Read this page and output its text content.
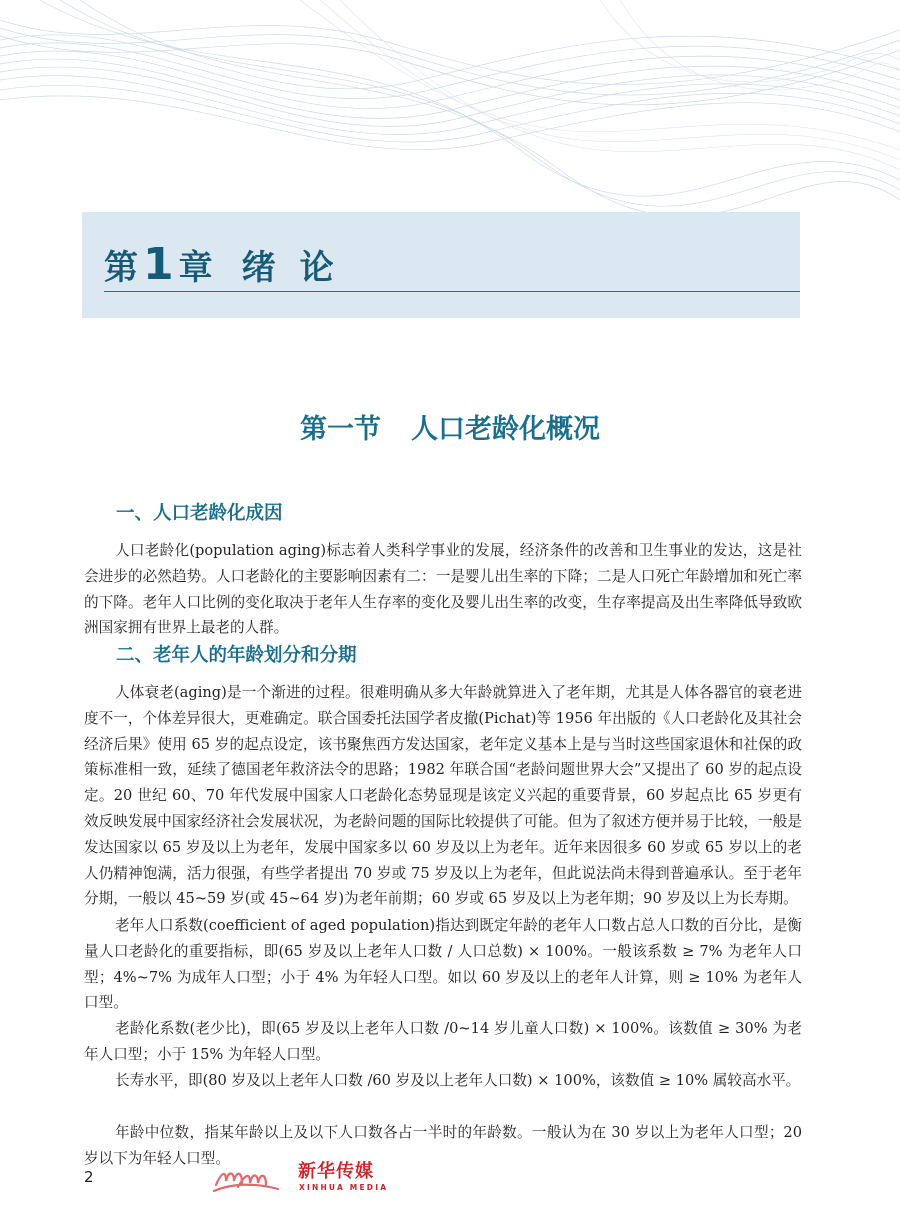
第1 章 绪论
第一节 人口老龄化概况
一、人口老龄化成因

人口老龄化(population aging)标志着人类科学事业的发展，经济条件的改善和卫生事业的发达，这是社会进步的必然趋势。人口老龄化的主要影响因素有二：一是婴儿出生率的下降；二是人口死亡年龄增加和死亡率的下降。老年人口比例的变化取决于老年人生存率的变化及婴儿出生率的改变，生存率提高及出生率降低导致欧洲国家拥有世界上最老的人群。

二、老年人的年龄划分和分期

人体衰老(aging)是一个渐进的过程。很难明确从多大年龄就算进入了老年期，尤其是人体各器官的衰老进度不一，个体差异很大，更难确定。联合国委托法国学者皮撤(Pichat)等 1956 年出版的《人口老龄化及其社会经济后果》使用 65 岁的起点设定，该书聚焦西方发达国家，老年定义基本上是与当时这些国家退休和社保的政策标准相一致，延续了德国老年救济法令的思路；1982 年联合国“老龄问题世界大会”又提出了 60 岁的起点设定。20 世纪 60、70 年代发展中国家人口老龄化态势显现是该定义兴起的重要背景，60 岁起点比 65 岁更有效反映发展中国家经济社会发展状况，为老龄问题的国际比较提供了可能。但为了叙述方便并易于比较，一般是发达国家以 65 岁及以上为老年，发展中国家多以 60 岁及以上为老年。近年来因很多 60 岁或 65 岁以上的老人仍精神饱满，活力很强，有些学者提出 70 岁或 75 岁及以上为老年，但此说法尚未得到普遍承认。至于老年分期，一般以 45~59 岁(或 45~64 岁)为老年前期；60 岁或 65 岁及以上为老年期；90 岁及以上为长寿期。

老年人口系数(coefficient of aged population)指达到既定年龄的老年人口数占总人口数的百分比，是衡量人口老龄化的重要指标，即(65 岁及以上老年人口数 / 人口总数) × 100%。一般该系数 ≥ 7% 为老年人口型；4%~7% 为成年人口型；小于 4% 为年轻人口型。如以 60 岁及以上的老年人计算，则 ≥ 10% 为老年人口型。

老龄化系数(老少比)，即(65 岁及以上老年人口数 /0~14 岁儿童人口数) × 100%。该数值 ≥ 30% 为老年人口型；小于 15% 为年轻人口型。

长寿水平，即(80 岁及以上老年人口数 /60 岁及以上老年人口数) × 100%，该数值 ≥ 10% 属较高水平。

年龄中位数，指某年龄以上及以下人口数各占一半时的年龄数。一般认为在 30 岁以上为老年人口型；20 岁以下为年轻人口型。

2	新华传媒
XINHUA MEDIA
